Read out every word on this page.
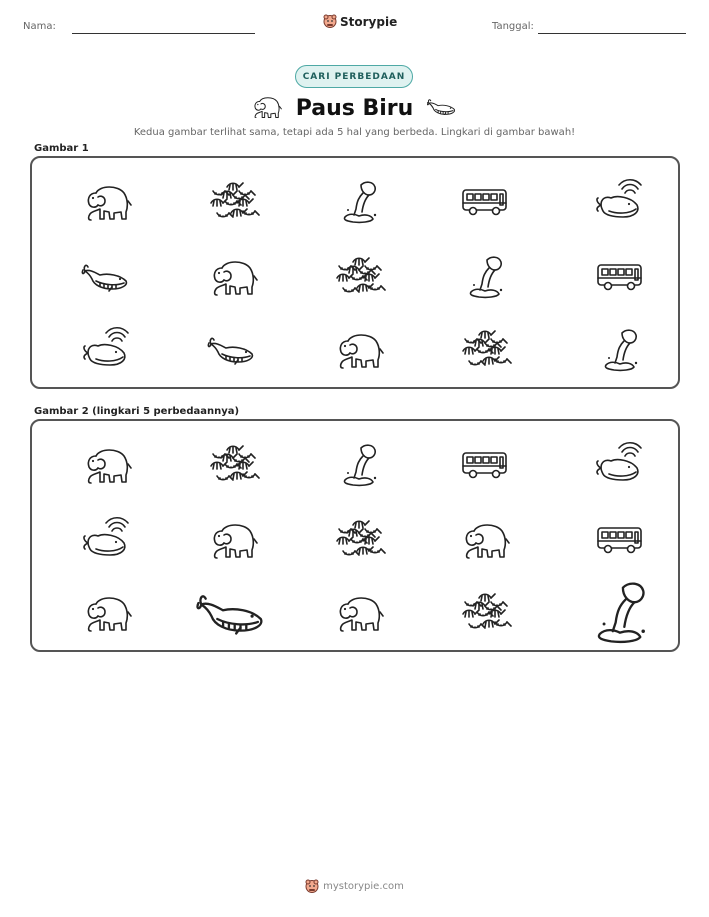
Nama:	Storypie	Tanggal:
CARI PERBEDAAN
Paus Biru
Kedua gambar terlihat sama, tetapi ada 5 hal yang berbeda. Lingkari di gambar bawah!
Gambar 1
Gambar 2 (lingkari 5 perbedaannya)
mystorypie.com
